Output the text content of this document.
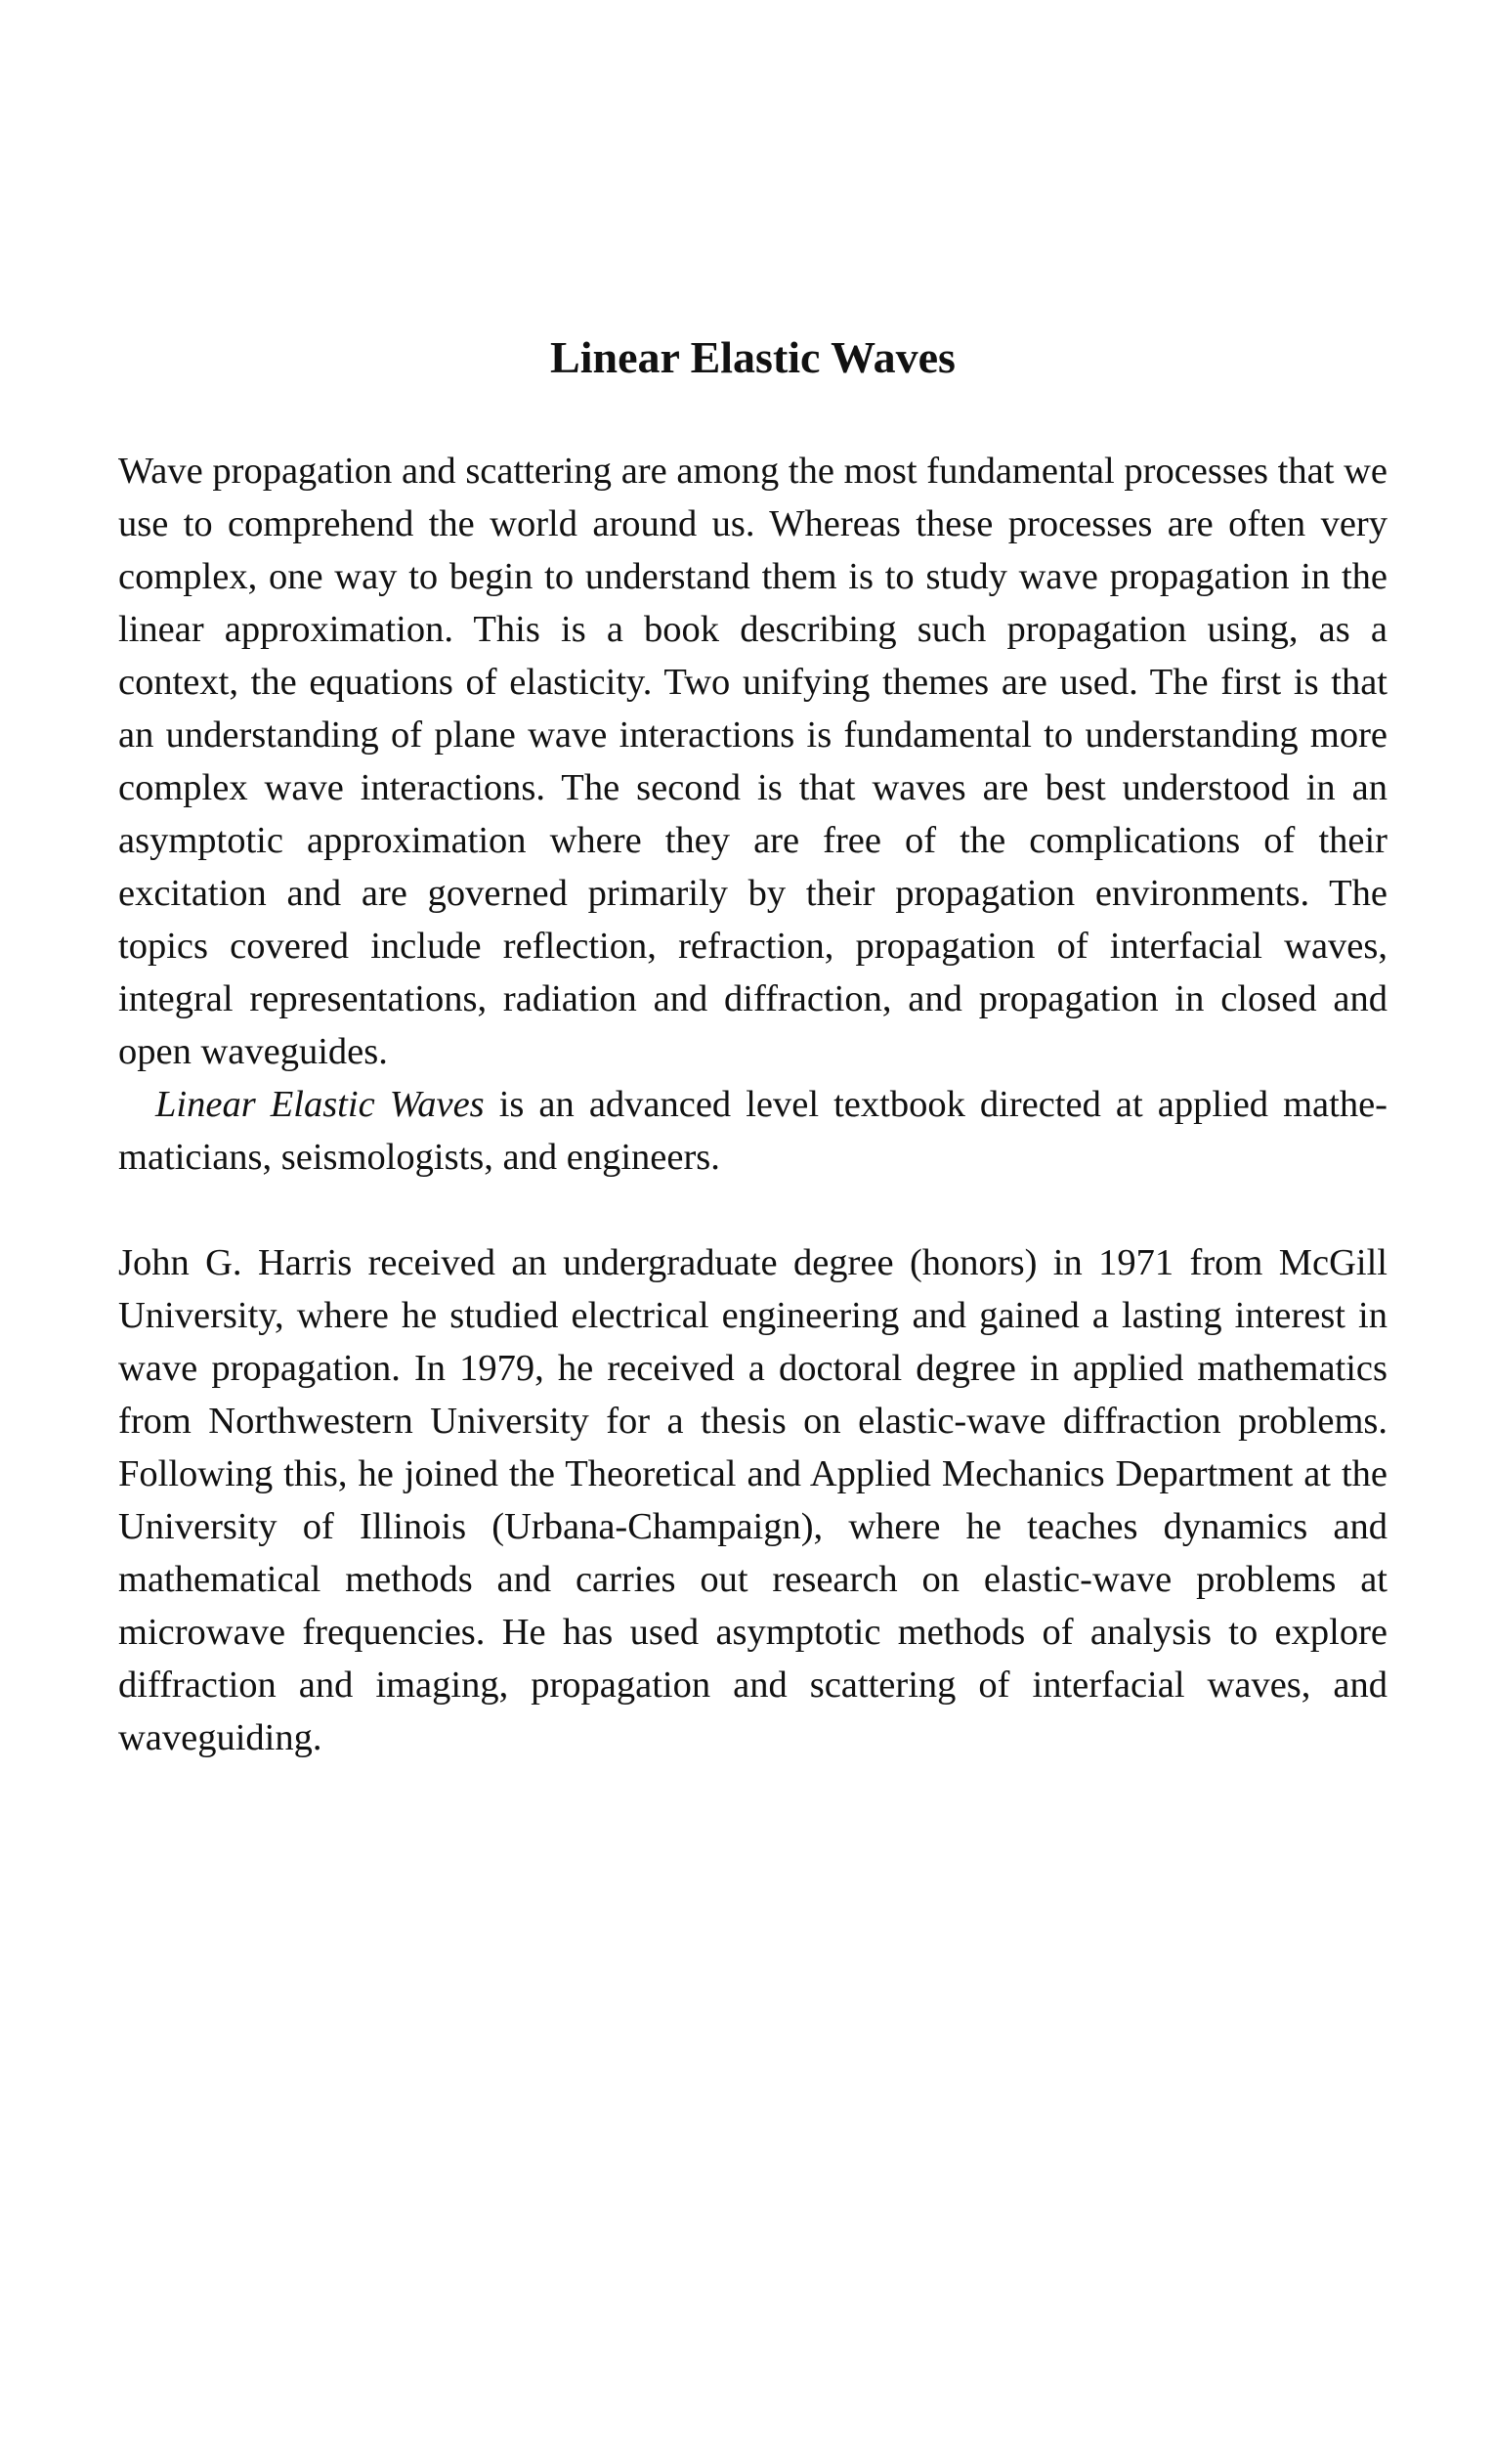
Linear Elastic Waves

Wave propagation and scattering are among the most fundamental processes that we use to comprehend the world around us. Whereas these processes are often very complex, one way to begin to understand them is to study wave propagation in the linear approximation. This is a book describing such propagation using, as a context, the equations of elasticity. Two unifying themes are used. The first is that an understanding of plane wave interactions is fundamental to understanding more complex wave interactions. The second is that waves are best understood in an asymptotic approximation where they are free of the complications of their excitation and are governed primarily by their propagation environments. The topics covered include reflection, refraction, propagation of interfacial waves, integral representations, radiation and diffraction, and propagation in closed and open waveguides.

Linear Elastic Waves is an advanced level textbook directed at applied mathematicians, seismologists, and engineers.

John G. Harris received an undergraduate degree (honors) in 1971 from McGill University, where he studied electrical engineering and gained a lasting interest in wave propagation. In 1979, he received a doctoral degree in applied mathematics from Northwestern University for a thesis on elastic-wave diffraction problems. Following this, he joined the Theoretical and Applied Mechanics Department at the University of Illinois (Urbana-Champaign), where he teaches dynamics and mathematical methods and carries out research on elastic-wave problems at microwave frequencies. He has used asymptotic methods of analysis to explore diffraction and imaging, propagation and scattering of interfacial waves, and waveguiding.
